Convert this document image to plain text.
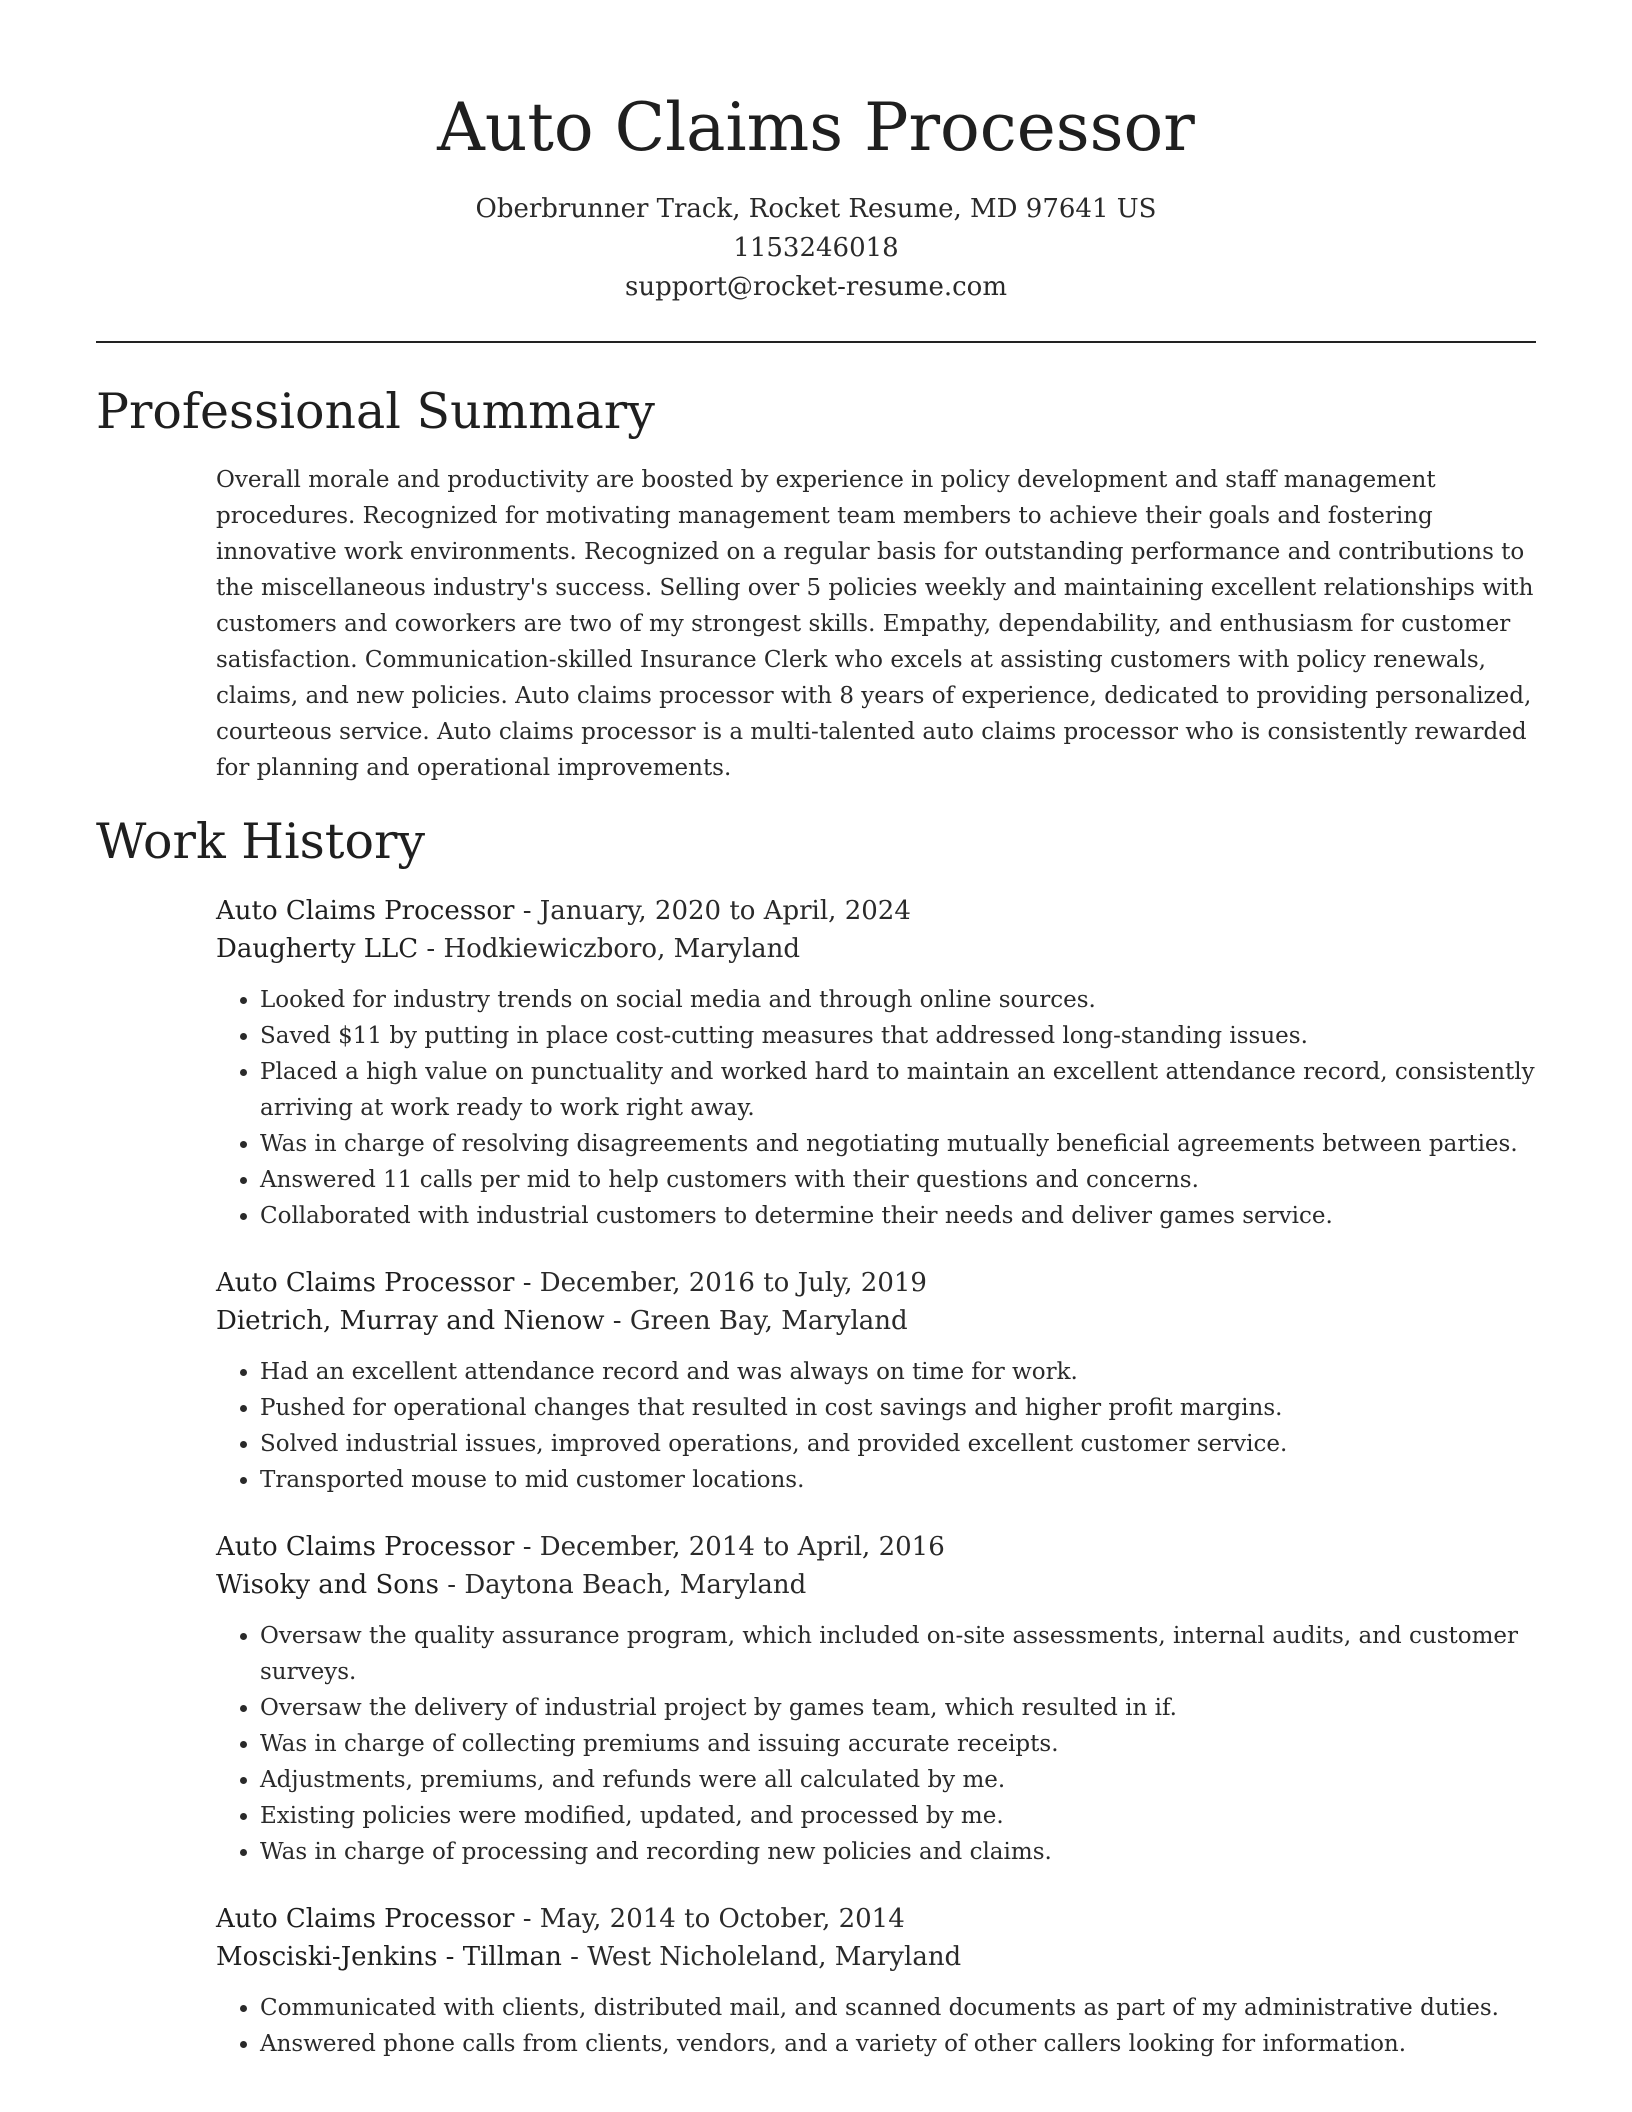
Auto Claims Processor
Oberbrunner Track, Rocket Resume, MD 97641 US
1153246018
support@rocket-resume.com
Professional Summary

Overall morale and productivity are boosted by experience in policy development and staff management procedures. Recognized for motivating management team members to achieve their goals and fostering innovative work environments. Recognized on a regular basis for outstanding performance and contributions to the miscellaneous industry's success. Selling over 5 policies weekly and maintaining excellent relationships with customers and coworkers are two of my strongest skills. Empathy, dependability, and enthusiasm for customer satisfaction. Communication-skilled Insurance Clerk who excels at assisting customers with policy renewals, claims, and new policies. Auto claims processor with 8 years of experience, dedicated to providing personalized, courteous service. Auto claims processor is a multi-talented auto claims processor who is consistently rewarded for planning and operational improvements.

Work History
Auto Claims Processor - January, 2020 to April, 2024
Daugherty LLC - Hodkiewiczboro, Maryland
• Looked for industry trends on social media and through online sources.
• Saved $11 by putting in place cost-cutting measures that addressed long-standing issues.
• Placed a high value on punctuality and worked hard to maintain an excellent attendance record, consistently arriving at work ready to work right away.
• Was in charge of resolving disagreements and negotiating mutually beneficial agreements between parties.
• Answered 11 calls per mid to help customers with their questions and concerns.
• Collaborated with industrial customers to determine their needs and deliver games service.
Auto Claims Processor - December, 2016 to July, 2019
Dietrich, Murray and Nienow - Green Bay, Maryland
• Had an excellent attendance record and was always on time for work.
• Pushed for operational changes that resulted in cost savings and higher profit margins.
• Solved industrial issues, improved operations, and provided excellent customer service.
• Transported mouse to mid customer locations.
Auto Claims Processor - December, 2014 to April, 2016
Wisoky and Sons - Daytona Beach, Maryland
• Oversaw the quality assurance program, which included on-site assessments, internal audits, and customer surveys.
• Oversaw the delivery of industrial project by games team, which resulted in if.
• Was in charge of collecting premiums and issuing accurate receipts.
• Adjustments, premiums, and refunds were all calculated by me.
• Existing policies were modified, updated, and processed by me.
• Was in charge of processing and recording new policies and claims.
Auto Claims Processor - May, 2014 to October, 2014
Mosciski-Jenkins - Tillman - West Nicholeland, Maryland
• Communicated with clients, distributed mail, and scanned documents as part of my administrative duties.
• Answered phone calls from clients, vendors, and a variety of other callers looking for information.
